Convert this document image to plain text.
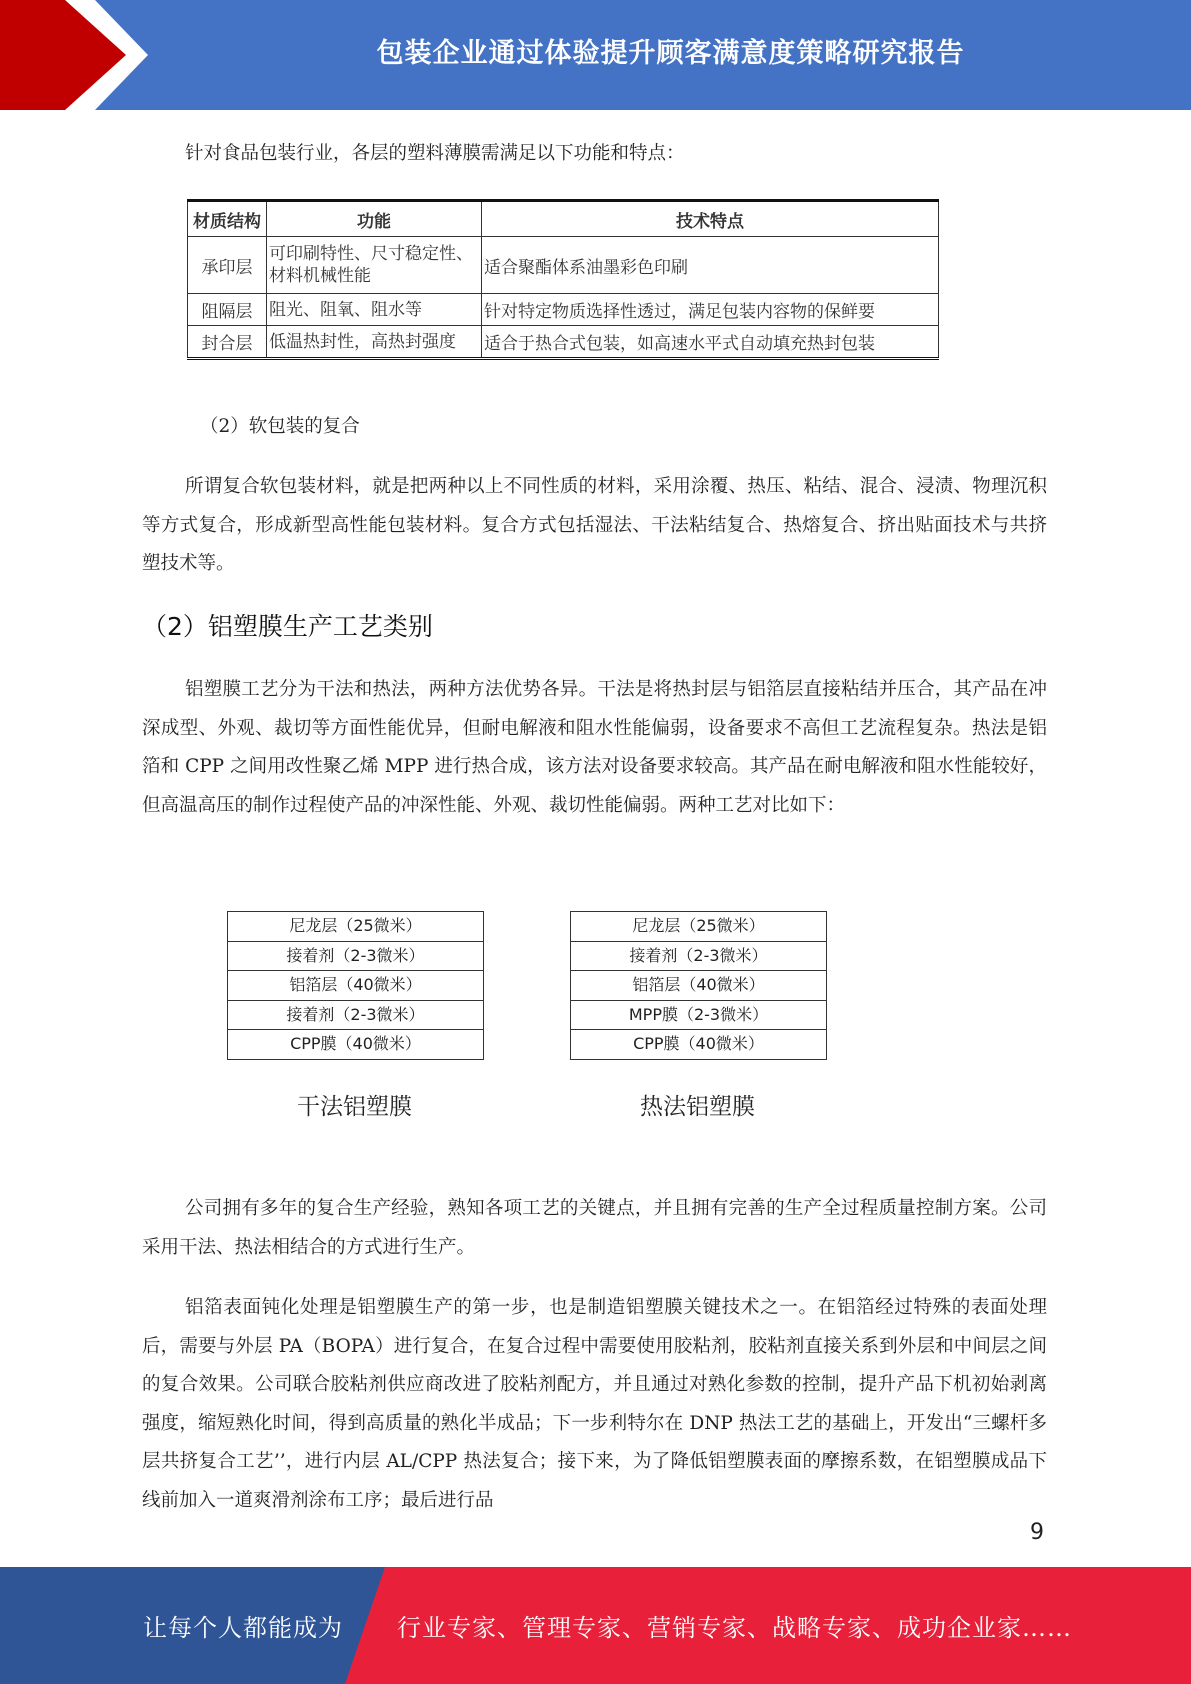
包装企业通过体验提升顾客满意度策略研究报告
针对食品包装行业，各层的塑料薄膜需满足以下功能和特点：
材质结构	功能	技术特点
承印层	可印刷特性、尺寸稳定性、材料机械性能	适合聚酯体系油墨彩色印刷
阻隔层	阻光、阻氧、阻水等	针对特定物质选择性透过，满足包装内容物的保鲜要
封合层	低温热封性，高热封强度	适合于热合式包装，如高速水平式自动填充热封包装
（2）软包装的复合
所谓复合软包装材料，就是把两种以上不同性质的材料，采用涂覆、热压、粘结、混合、浸渍、物理沉积等方式复合，形成新型高性能包装材料。复合方式包括湿法、干法粘结复合、热熔复合、挤出贴面技术与共挤塑技术等。
（2）铝塑膜生产工艺类别
铝塑膜工艺分为干法和热法，两种方法优势各异。干法是将热封层与铝箔层直接粘结并压合，其产品在冲深成型、外观、裁切等方面性能优异，但耐电解液和阻水性能偏弱，设备要求不高但工艺流程复杂。热法是铝箔和 CPP 之间用改性聚乙烯 MPP 进行热合成，该方法对设备要求较高。其产品在耐电解液和阻水性能较好，但高温高压的制作过程使产品的冲深性能、外观、裁切性能偏弱。两种工艺对比如下：
尼龙层（25微米）
接着剂（2-3微米）
铝箔层（40微米）
接着剂（2-3微米）
CPP膜（40微米）
干法铝塑膜
尼龙层（25微米）
接着剂（2-3微米）
铝箔层（40微米）
MPP膜（2-3微米）
CPP膜（40微米）
热法铝塑膜
公司拥有多年的复合生产经验，熟知各项工艺的关键点，并且拥有完善的生产全过程质量控制方案。公司采用干法、热法相结合的方式进行生产。
铝箔表面钝化处理是铝塑膜生产的第一步，也是制造铝塑膜关键技术之一。在铝箔经过特殊的表面处理后，需要与外层 PA（BOPA）进行复合，在复合过程中需要使用胶粘剂，胶粘剂直接关系到外层和中间层之间的复合效果。公司联合胶粘剂供应商改进了胶粘剂配方，并且通过对熟化参数的控制，提升产品下机初始剥离强度，缩短熟化时间，得到高质量的熟化半成品；下一步利特尔在 DNP 热法工艺的基础上，开发出“三螺杆多层共挤复合工艺’’，进行内层 AL/CPP 热法复合；接下来，为了降低铝塑膜表面的摩擦系数，在铝塑膜成品下线前加入一道爽滑剂涂布工序；最后进行品
9
让每个人都能成为 行业专家、管理专家、营销专家、战略专家、成功企业家……
